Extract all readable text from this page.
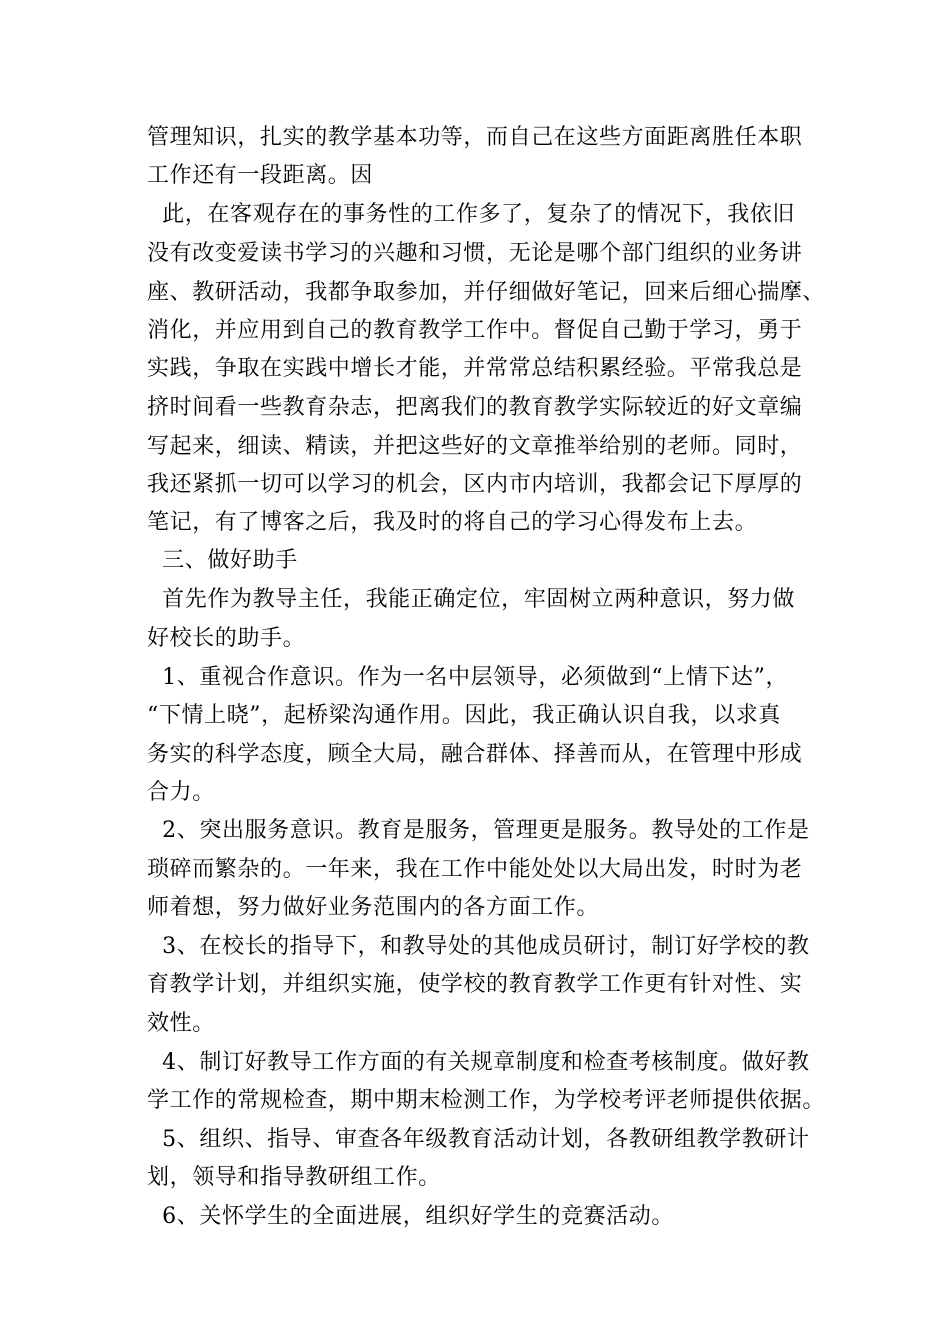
管理知识，扎实的教学基本功等，而自己在这些方面距离胜任本职
工作还有一段距离。因
此，在客观存在的事务性的工作多了，复杂了的情况下，我依旧
没有改变爱读书学习的兴趣和习惯，无论是哪个部门组织的业务讲
座、教研活动，我都争取参加，并仔细做好笔记，回来后细心揣摩、
消化，并应用到自己的教育教学工作中。督促自己勤于学习，勇于
实践，争取在实践中增长才能，并常常总结积累经验。平常我总是
挤时间看一些教育杂志，把离我们的教育教学实际较近的好文章编
写起来，细读、精读，并把这些好的文章推举给别的老师。同时，
我还紧抓一切可以学习的机会，区内市内培训，我都会记下厚厚的
笔记，有了博客之后，我及时的将自己的学习心得发布上去。
三、做好助手
首先作为教导主任，我能正确定位，牢固树立两种意识，努力做
好校长的助手。
1、重视合作意识。作为一名中层领导，必须做到“上情下达”，
“下情上晓”，起桥梁沟通作用。因此，我正确认识自我，以求真
务实的科学态度，顾全大局，融合群体、择善而从，在管理中形成
合力。
2、突出服务意识。教育是服务，管理更是服务。教导处的工作是
琐碎而繁杂的。一年来，我在工作中能处处以大局出发，时时为老
师着想，努力做好业务范围内的各方面工作。
3、在校长的指导下，和教导处的其他成员研讨，制订好学校的教
育教学计划，并组织实施，使学校的教育教学工作更有针对性、实
效性。
4、制订好教导工作方面的有关规章制度和检查考核制度。做好教
学工作的常规检查，期中期末检测工作，为学校考评老师提供依据。
5、组织、指导、审查各年级教育活动计划，各教研组教学教研计
划，领导和指导教研组工作。
6、关怀学生的全面进展，组织好学生的竞赛活动。
